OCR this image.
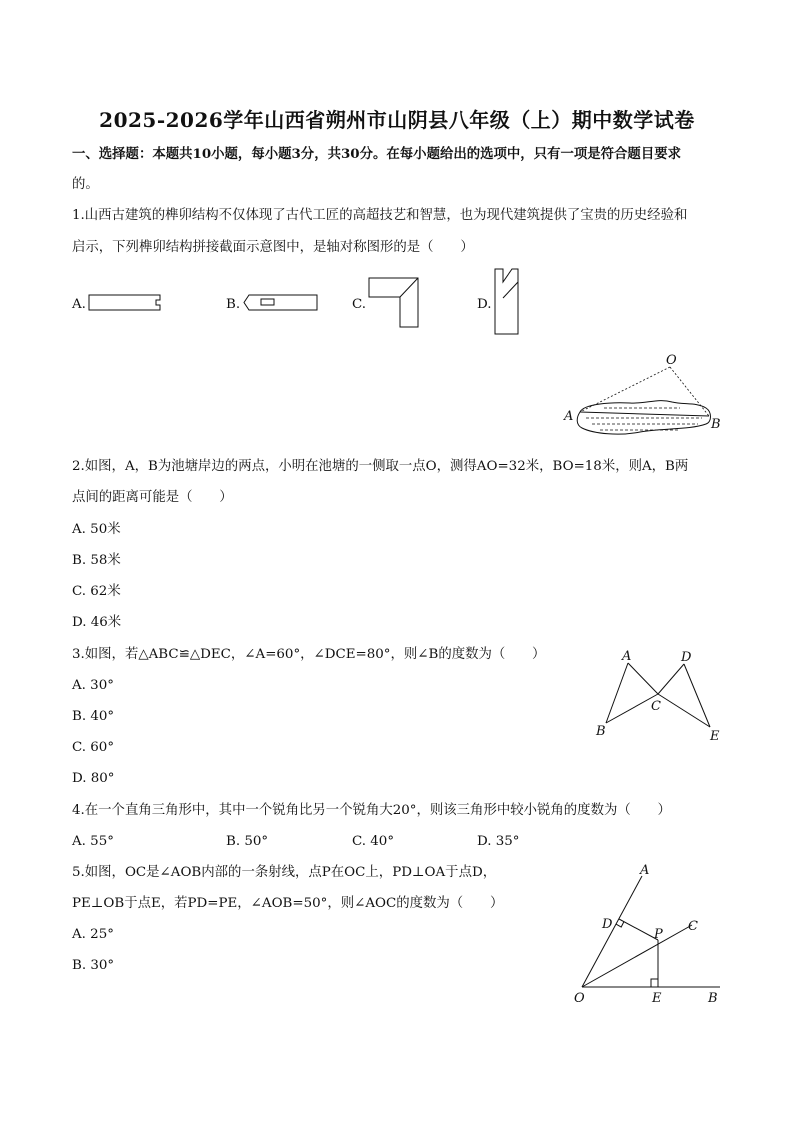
2025-2026学年山西省朔州市山阴县八年级（上）期中数学试卷
一、选择题：本题共10小题，每小题3分，共30分。在每小题给出的选项中，只有一项是符合题目要求
的。
1.山西古建筑的榫卯结构不仅体现了古代工匠的高超技艺和智慧，也为现代建筑提供了宝贵的历史经验和
启示，下列榫卯结构拼接截面示意图中，是轴对称图形的是（　　）
A.	B.	C.	D.
O
A
B
2.如图，A，B为池塘岸边的两点，小明在池塘的一侧取一点O，测得AO=32米，BO=18米，则A，B两
点间的距离可能是（　　）
A. 50米
B. 58米
C. 62米
D. 46米
3.如图，若△ABC≌△DEC，∠A=60°，∠DCE=80°，则∠B的度数为（　　）
A. 30°
B. 40°
C. 60°
D. 80°
A
B
C
D
E
4.在一个直角三角形中，其中一个锐角比另一个锐角大20°，则该三角形中较小锐角的度数为（　　）
A. 55°	B. 50°	C. 40°	D. 35°
5.如图，OC是∠AOB内部的一条射线，点P在OC上，PD⊥OA于点D，
PE⊥OB于点E，若PD=PE，∠AOB=50°，则∠AOC的度数为（　　）
A. 25°
B. 30°
A
B
C
D
E
O
P
